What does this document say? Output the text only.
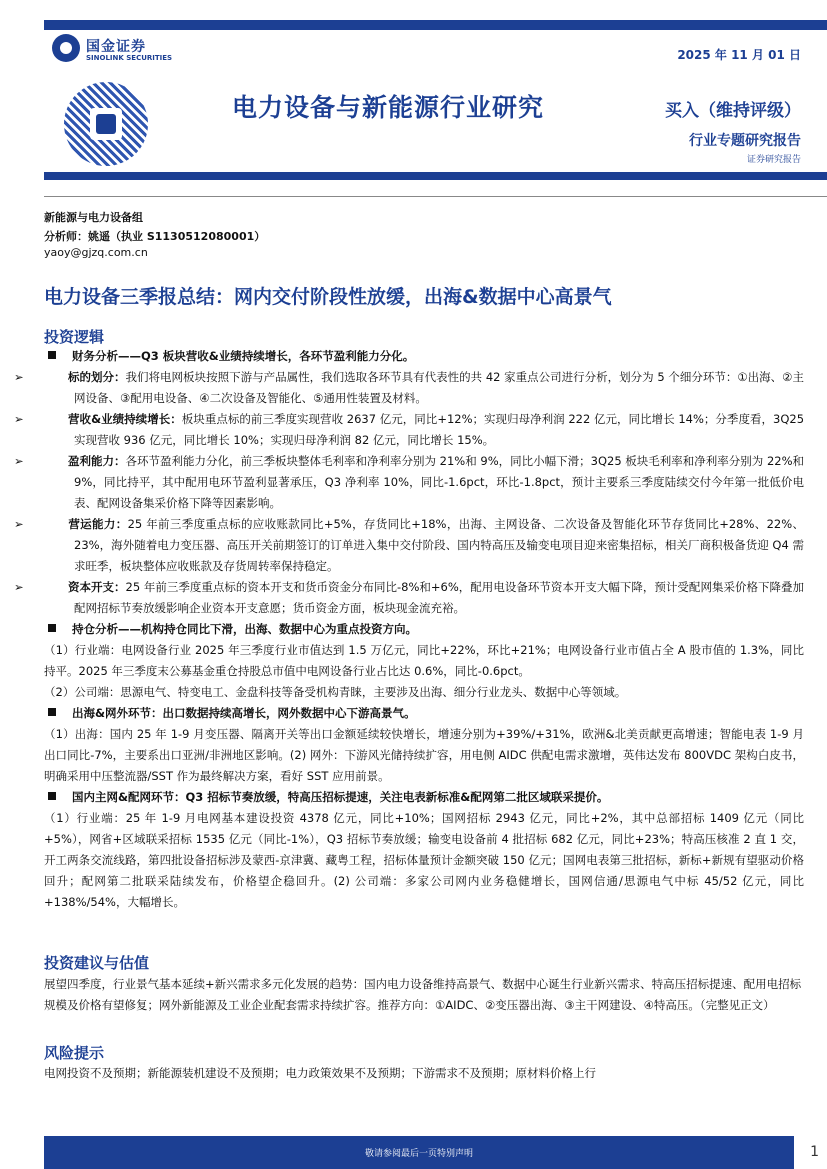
国金证券
SINOLINK SECURITIES	2025 年 11 月 01 日
电力设备与新能源行业研究	买入（维持评级）
行业专题研究报告
证券研究报告
新能源与电力设备组
分析师：姚遥（执业 S1130512080001）
yaoy@gjzq.com.cn
电力设备三季报总结：网内交付阶段性放缓，出海&数据中心高景气
投资逻辑

财务分析——Q3 板块营收&业绩持续增长，各环节盈利能力分化。

➢	标的划分：我们将电网板块按照下游与产品属性，我们选取各环节具有代表性的共 42 家重点公司进行分析，划分为 5 个细分环节：①出海、②主网设备、③配用电设备、④二次设备及智能化、⑤通用性装置及材料。

➢	营收&业绩持续增长：板块重点标的前三季度实现营收 2637 亿元，同比+12%；实现归母净利润 222 亿元，同比增长 14%；分季度看，3Q25 实现营收 936 亿元，同比增长 10%；实现归母净利润 82 亿元，同比增长 15%。

➢	盈利能力：各环节盈利能力分化，前三季板块整体毛利率和净利率分别为 21%和 9%，同比小幅下滑；3Q25 板块毛利率和净利率分别为 22%和 9%，同比持平，其中配用电环节盈利显著承压，Q3 净利率 10%，同比-1.6pct，环比-1.8pct，预计主要系三季度陆续交付今年第一批低价电表、配网设备集采价格下降等因素影响。

➢	营运能力：25 年前三季度重点标的应收账款同比+5%，存货同比+18%，出海、主网设备、二次设备及智能化环节存货同比+28%、22%、23%，海外随着电力变压器、高压开关前期签订的订单进入集中交付阶段、国内特高压及输变电项目迎来密集招标，相关厂商积极备货迎 Q4 需求旺季，板块整体应收账款及存货周转率保持稳定。

➢	资本开支：25 年前三季度重点标的资本开支和货币资金分布同比-8%和+6%，配用电设备环节资本开支大幅下降，预计受配网集采价格下降叠加配网招标节奏放缓影响企业资本开支意愿；货币资金方面，板块现金流充裕。

持仓分析——机构持仓同比下滑，出海、数据中心为重点投资方向。

（1）行业端：电网设备行业 2025 年三季度行业市值达到 1.5 万亿元，同比+22%，环比+21%；电网设备行业市值占全 A 股市值的 1.3%，同比持平。2025 年三季度末公募基金重仓持股总市值中电网设备行业占比达 0.6%，同比-0.6pct。

（2）公司端：思源电气、特变电工、金盘科技等备受机构青睐，主要涉及出海、细分行业龙头、数据中心等领域。

出海&网外环节：出口数据持续高增长，网外数据中心下游高景气。

（1）出海：国内 25 年 1-9 月变压器、隔离开关等出口金额延续较快增长，增速分别为+39%/+31%，欧洲&北美贡献更高增速；智能电表 1-9 月出口同比-7%，主要系出口亚洲/非洲地区影响。(2) 网外：下游风光储持续扩容，用电侧 AIDC 供配电需求激增，英伟达发布 800VDC 架构白皮书，明确采用中压整流器/SST 作为最终解决方案，看好 SST 应用前景。

国内主网&配网环节：Q3 招标节奏放缓，特高压招标提速，关注电表新标准&配网第二批区域联采提价。

（1）行业端：25 年 1-9 月电网基本建设投资 4378 亿元，同比+10%；国网招标 2943 亿元，同比+2%，其中总部招标 1409 亿元（同比+5%），网省+区域联采招标 1535 亿元（同比-1%），Q3 招标节奏放缓；输变电设备前 4 批招标 682 亿元，同比+23%；特高压核准 2 直 1 交，开工两条交流线路，第四批设备招标涉及蒙西-京津冀、藏粤工程，招标体量预计金额突破 150 亿元；国网电表第三批招标，新标+新规有望驱动价格回升；配网第二批联采陆续发布，价格望企稳回升。(2) 公司端：多家公司网内业务稳健增长，国网信通/思源电气中标 45/52 亿元，同比+138%/54%，大幅增长。

投资建议与估值
展望四季度，行业景气基本延续+新兴需求多元化发展的趋势：国内电力设备维持高景气、数据中心诞生行业新兴需求、特高压招标提速、配用电招标规模及价格有望修复；网外新能源及工业企业配套需求持续扩容。推荐方向：①AIDC、②变压器出海、③主干网建设、④特高压。（完整见正文）
风险提示
电网投资不及预期；新能源装机建设不及预期；电力政策效果不及预期；下游需求不及预期；原材料价格上行
敬请参阅最后一页特别声明	1
